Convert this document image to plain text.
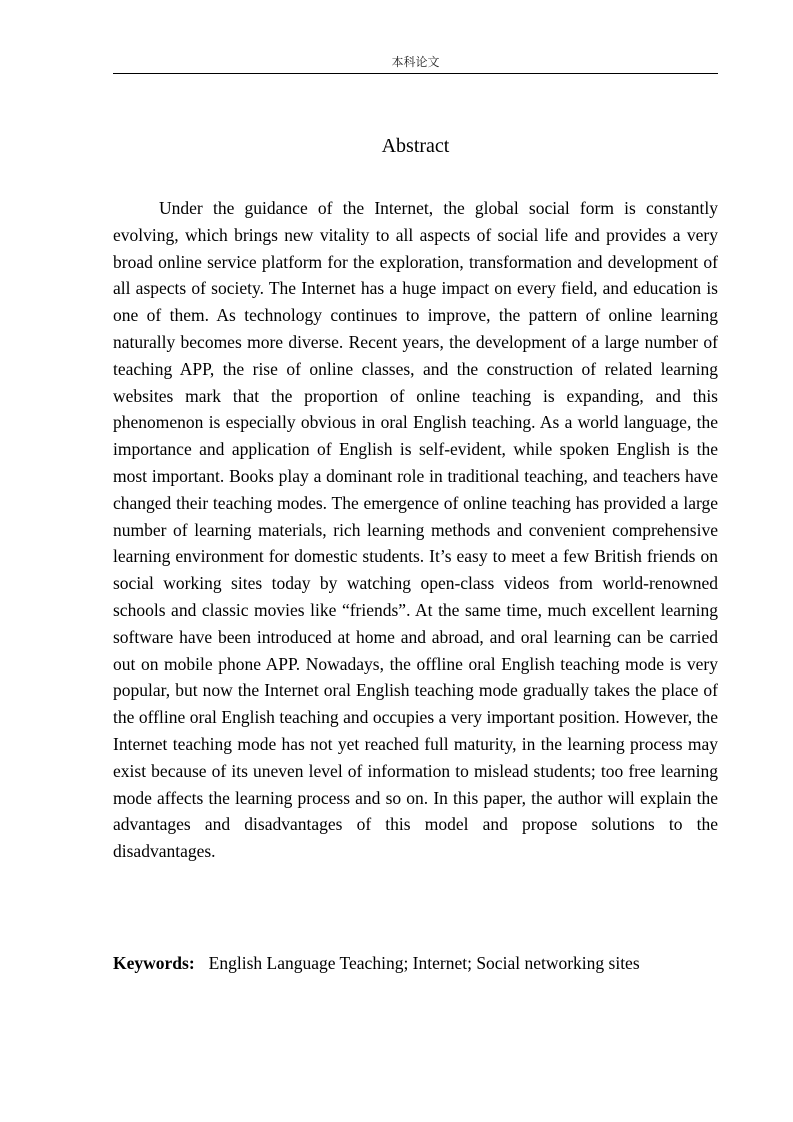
本科论文
Abstract

Under the guidance of the Internet, the global social form is constantly evolving, which brings new vitality to all aspects of social life and provides a very broad online service platform for the exploration, transformation and development of all aspects of society. The Internet has a huge impact on every field, and education is one of them. As technology continues to improve, the pattern of online learning naturally becomes more diverse. Recent years, the development of a large number of teaching APP, the rise of online classes, and the construction of related learning websites mark that the proportion of online teaching is expanding, and this phenomenon is especially obvious in oral English teaching. As a world language, the importance and application of English is self-evident, while spoken English is the most important. Books play a dominant role in traditional teaching, and teachers have changed their teaching modes. The emergence of online teaching has provided a large number of learning materials, rich learning methods and convenient comprehensive learning environment for domestic students. It’s easy to meet a few British friends on social working sites today by watching open-class videos from world-renowned schools and classic movies like “friends”. At the same time, much excellent learning software have been introduced at home and abroad, and oral learning can be carried out on mobile phone APP. Nowadays, the offline oral English teaching mode is very popular, but now the Internet oral English teaching mode gradually takes the place of the offline oral English teaching and occupies a very important position. However, the Internet teaching mode has not yet reached full maturity, in the learning process may exist because of its uneven level of information to mislead students; too free learning mode affects the learning process and so on. In this paper, the author will explain the advantages and disadvantages of this model and propose solutions to the disadvantages.

Keywords: English Language Teaching; Internet; Social networking sites
